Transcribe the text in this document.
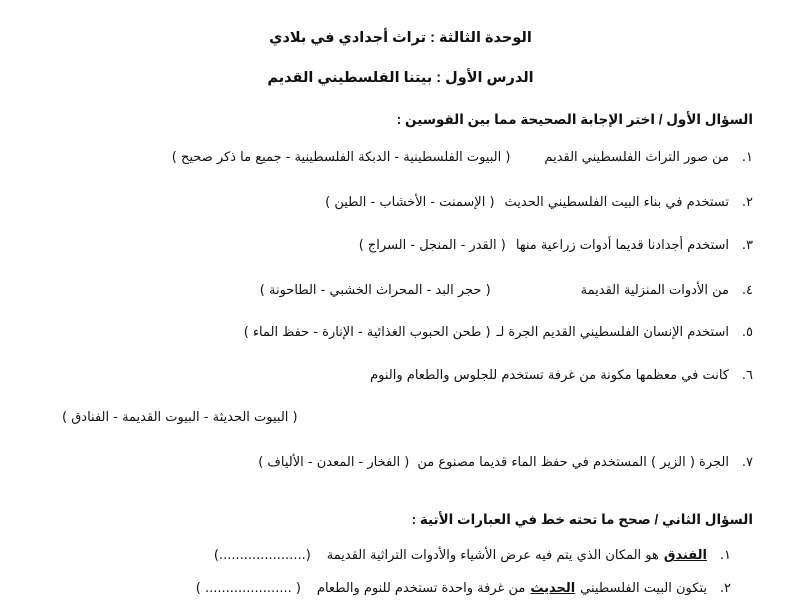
الوحدة الثالثة : تراث أجدادي في بلادي
الدرس الأول : بيتنا الفلسطيني القديم
السؤال الأول / اختر الإجابة الصحيحة مما بين القوسين :
١.
من صور التراث الفلسطيني القديم
( البيوت الفلسطينية - الدبكة الفلسطينية - جميع ما ذكر صحيح )
٢.
تستخدم في بناء البيت الفلسطيني الحديث
( الإسمنت - الأخشاب - الطين )
٣.
استخدم أجدادنا قديما أدوات زراعية منها
( القدر - المنجل - السراج )
٤.
من الأدوات المنزلية القديمة
( حجر البد - المحراث الخشبي - الطاحونة )
٥.
استخدم الإنسان الفلسطيني القديم الجرة لـ
( طحن الحبوب الغذائية - الإنارة - حفظ الماء )
٦.
كانت في معظمها مكونة من غرفة تستخدم للجلوس والطعام والنوم
( البيوت الحديثة - البيوت القديمة - الفنادق )
٧.
الجرة ( الزير ) المستخدم في حفظ الماء قديما مصنوع من
( الفخار - المعدن - الألياف )
السؤال الثاني / صحح ما تحته خط في العبارات الأتية :
١.
الفندق
هو المكان الذي يتم فيه عرض الأشياء والأدوات التراثية القديمة
(.....................)
٢.
يتكون البيت الفلسطيني
الحديث
من غرفة واحدة تستخدم للنوم والطعام
( ..................... )
